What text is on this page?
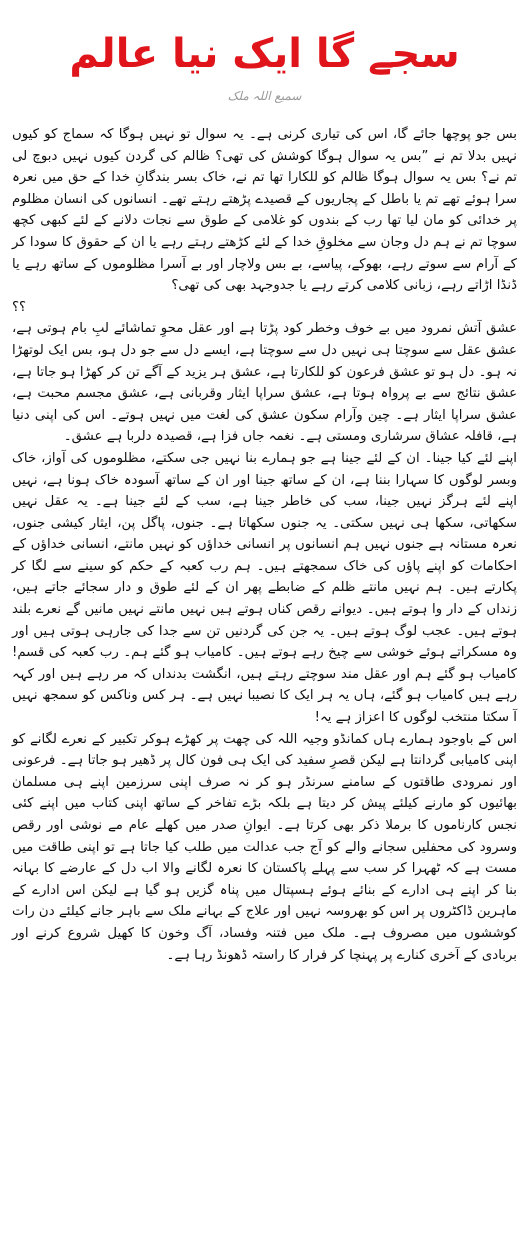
سجے گا ایک نیا عالم
سمیع اللہ ملک

بس جو پوچھا جائے گا، اس کی تیاری کرنی ہے۔ یہ سوال تو نہیں ہوگا کہ سماج کو کیوں نہیں بدلا تم نے ”بس یہ سوال ہوگا کوشش کی تھی؟ ظالم کی گردن کیوں نہیں دبوچ لی تم نے؟ بس یہ سوال ہوگا ظالم کو للکارا تھا تم نے، خاک بسر بندگانِ خدا کے حق میں نعرہ سرا ہوئے تھے تم یا باطل کے پجاریوں کے قصیدے پڑھتے رہتے تھے۔ انسانوں کی انسان مظلوم پر خدائی کو مان لیا تھا رب کے بندوں کو غلامی کے طوق سے نجات دلانے کے لئے کبھی کچھ سوچا تم نے ہم دل وجان سے مخلوقِ خدا کے لئے کڑھتے رہتے رہے یا ان کے حقوق کا سودا کر کے آرام سے سوتے رہے، بھوکے، پیاسے، بے بس ولاچار اور بے آسرا مظلوموں کے ساتھ رہے یا ڈنڈا اڑاتے رہے، زبانی کلامی کرتے رہے یا جدوجہد بھی کی تھی؟

؟؟

عشق آتش نمرود میں بے خوف وخطر کود پڑتا ہے اور عقل محوِ تماشائے لبِ بام ہوتی ہے، عشق عقل سے سوچتا ہی نہیں دل سے سوچتا ہے، ایسے دل سے جو دل ہو، بس ایک لوتھڑا نہ ہو۔ دل ہو تو عشق فرعون کو للکارتا ہے، عشق ہر یزید کے آگے تن کر کھڑا ہو جاتا ہے، عشق نتائج سے بے پرواہ ہوتا ہے، عشق سراپا ایثار وقربانی ہے، عشق مجسم محبت ہے، عشق سراپا ایثار ہے۔ چین وآرام سکون عشق کی لغت میں نہیں ہوتے۔ اس کی اپنی دنیا ہے، قافلہ عشاق سرشاری ومستی ہے۔ نغمہ جاں فزا ہے، قصیدہ دلربا ہے عشق۔

اپنے لئے کیا جینا۔ ان کے لئے جینا ہے جو ہمارے بنا نہیں جی سکتے، مظلوموں کی آواز، خاک وبسر لوگوں کا سہارا بننا ہے، ان کے ساتھ جینا اور ان کے ساتھ آسودہ خاک ہونا ہے، نہیں اپنے لئے ہرگز نہیں جینا، سب کی خاطر جینا ہے، سب کے لئے جینا ہے۔ یہ عقل نہیں سکھاتی، سکھا ہی نہیں سکتی۔ یہ جنوں سکھاتا ہے۔ جنوں، پاگل پن، ایثار کیشی جنوں، نعرہ مستانہ ہے جنوں نہیں ہم انسانوں پر انسانی خداؤں کو نہیں مانتے، انسانی خداؤں کے احکامات کو اپنے پاؤں کی خاک سمجھتے ہیں۔ ہم رب کعبہ کے حکم کو سینے سے لگا کر پکارتے ہیں۔ ہم نہیں مانتے ظلم کے ضابطے پھر ان کے لئے طوق و دار سجائے جاتے ہیں، زنداں کے دار وا ہوتے ہیں۔ دیوانے رقص کناں ہوتے ہیں نہیں مانتے نہیں مانیں گے نعرے بلند ہوتے ہیں۔ عجب لوگ ہوتے ہیں۔ یہ جن کی گردنیں تن سے جدا کی جارہی ہوتی ہیں اور وہ مسکراتے ہوئے خوشی سے چیخ رہے ہوتے ہیں۔ کامیاب ہو گئے ہم۔ رب کعبہ کی قسم! کامیاب ہو گئے ہم اور عقل مند سوچتے رہتے ہیں، انگشت بدنداں کہ مر رہے ہیں اور کہہ رہے ہیں کامیاب ہو گئے، ہاں یہ ہر ایک کا نصیبا نہیں ہے۔ ہر کس وناکس کو سمجھ نہیں آ سکتا منتخب لوگوں کا اعزاز ہے یہ!

اس کے باوجود ہمارے ہاں کمانڈو وجیہ اللہ کی چھت پر کھڑے ہوکر تکبیر کے نعرے لگانے کو اپنی کامیابی گردانتا ہے لیکن قصرِ سفید کی ایک ہی فون کال پر ڈھیر ہو جاتا ہے۔ فرعونی اور نمرودی طاقتوں کے سامنے سرنڈر ہو کر نہ صرف اپنی سرزمین اپنے ہی مسلمان بھائیوں کو مارنے کیلئے پیش کر دیتا ہے بلکہ بڑے تفاخر کے ساتھ اپنی کتاب میں اپنے کئی نجس کارناموں کا برملا ذکر بھی کرتا ہے۔ ایوانِ صدر میں کھلے عام مے نوشی اور رقص وسرود کی محفلیں سجانے والے کو آج جب عدالت میں طلب کیا جاتا ہے تو اپنی طاقت میں مست ہے کہ ٹھہرا کر سب سے پہلے پاکستان کا نعرہ لگانے والا اب دل کے عارضے کا بہانہ بنا کر اپنے ہی ادارے کے بنائے ہوئے ہسپتال میں پناہ گزیں ہو گیا ہے لیکن اس ادارے کے ماہرین ڈاکٹروں پر اس کو بھروسہ نہیں اور علاج کے بہانے ملک سے باہر جانے کیلئے دن رات کوششوں میں مصروف ہے۔ ملک میں فتنہ وفساد، آگ وخون کا کھیل شروع کرنے اور بربادی کے آخری کنارے پر پہنچا کر فرار کا راستہ ڈھونڈ رہا ہے۔
